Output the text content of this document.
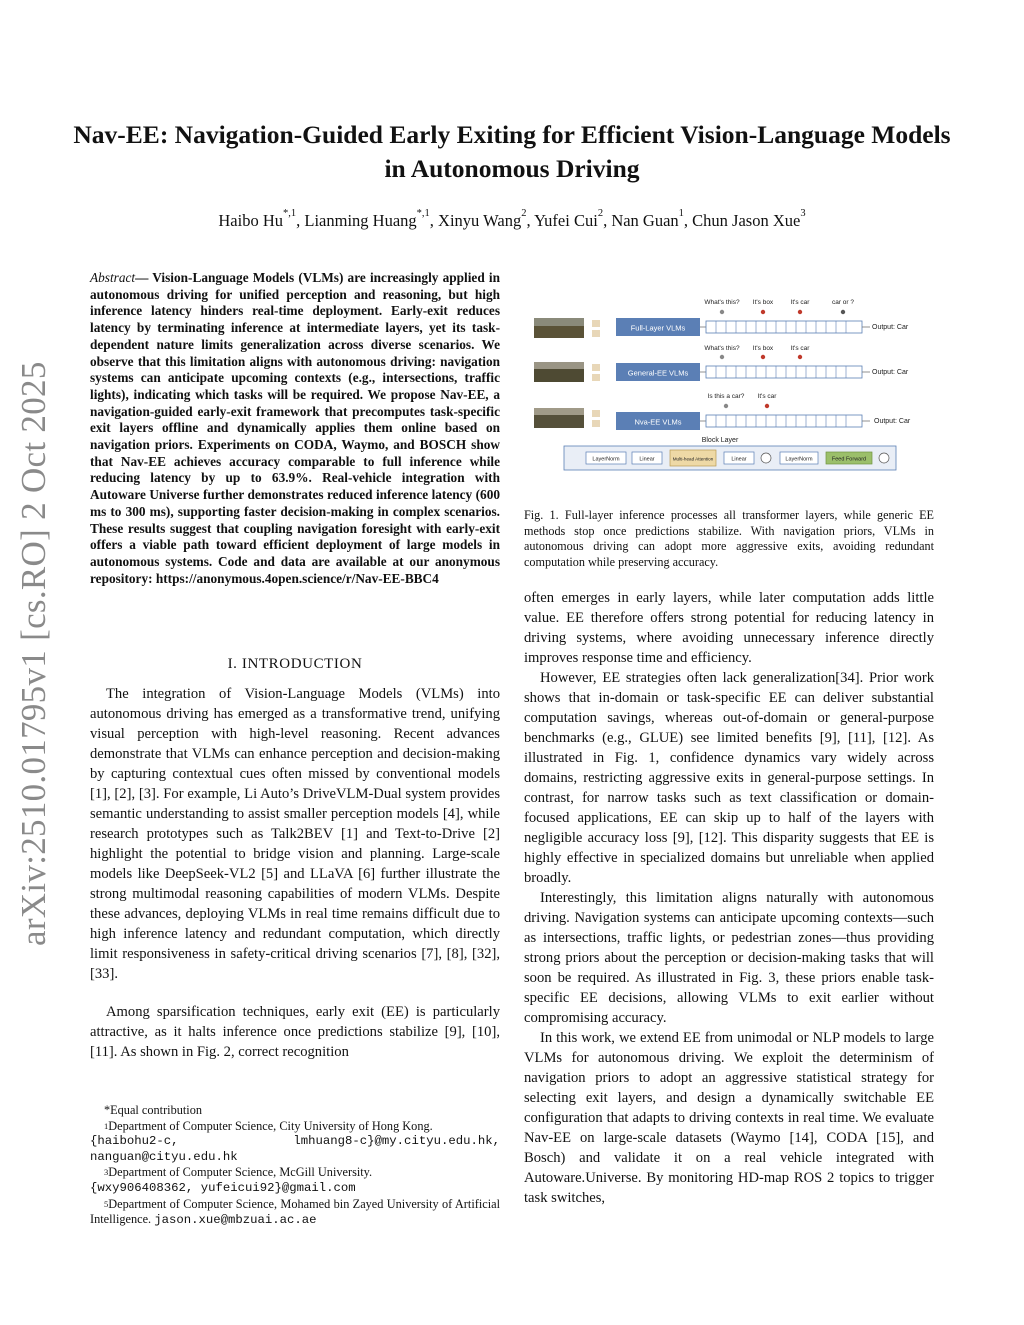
Nav-EE: Navigation-Guided Early Exiting for Efficient Vision-Language Models in Autonomous Driving
Haibo $Hu^{*,1}$, Lianming Huang$^{*,1}$, Xinyu Wang$^2$, Yufei Cui$^2$, Nan Guan$^1$, Chun Jason Xue$^3$
arXiv:2510.01795v1 [cs.RO] 2 Oct 2025
Abstract— Vision-Language Models (VLMs) are increasingly applied in autonomous driving for unified perception and reasoning, but high inference latency hinders real-time deployment. Early-exit reduces latency by terminating inference at intermediate layers, yet its task-dependent nature limits generalization across diverse scenarios. We observe that this limitation aligns with autonomous driving: navigation systems can anticipate upcoming contexts (e.g., intersections, traffic lights), indicating which tasks will be required. We propose Nav-EE, a navigation-guided early-exit framework that precomputes task-specific exit layers offline and dynamically applies them online based on navigation priors. Experiments on CODA, Waymo, and BOSCH show that Nav-EE achieves accuracy comparable to full inference while reducing latency by up to 63.9%. Real-vehicle integration with Autoware Universe further demonstrates reduced inference latency (600 ms to 300 ms), supporting faster decision-making in complex scenarios. These results suggest that coupling navigation foresight with early-exit offers a viable path toward efficient deployment of large models in autonomous systems. Code and data are available at our anonymous repository: https://anonymous.4open.science/r/Nav-EE-BBC4
I. INTRODUCTION

The integration of Vision-Language Models (VLMs) into autonomous driving has emerged as a transformative trend, unifying visual perception with high-level reasoning. Recent advances demonstrate that VLMs can enhance perception and decision-making by capturing contextual cues often missed by conventional models [1], [2], [3]. For example, Li Auto’s DriveVLM-Dual system provides semantic understanding to assist smaller perception models [4], while research prototypes such as Talk2BEV [1] and Text-to-Drive [2] highlight the potential to bridge vision and planning. Large-scale models like DeepSeek-VL2 [5] and LLaVA [6] further illustrate the strong multimodal reasoning capabilities of modern VLMs. Despite these advances, deploying VLMs in real time remains difficult due to high inference latency and redundant computation, which directly limit responsiveness in safety-critical driving scenarios [7], [8], [32], [33].

Among sparsification techniques, early exit (EE) is particularly attractive, as it halts inference once predictions stabilize [9], [10], [11]. As shown in Fig. 2, correct recognition

*Equal contribution
$^1$Department of Computer Science, City University of Hong Kong.
{haibohu2-c, lmhuang8-c}@my.cityu.edu.hk, nanguan@cityu.edu.hk
$^3$Department of Computer Science, McGill University.
{wxy906408362, yufeicui92}@gmail.com
$^5$Department of Computer Science, Mohamed bin Zayed University of Artificial Intelligence. jason.xue@mbzuai.ac.ae
Full-Layer VLMs
What's this? It's box	It's car	car or ?
Output: Car
General-EE VLMs
What's this? It's box	It's car
Output: Car
Nva-EE VLMs
Is this a car? It's car
Output: Car
Block Layer
LayerNorm	Linear	Multi-head Attention	Linear	LayerNorm	Feed Forward
Fig. 1. Full-layer inference processes all transformer layers, while generic EE methods stop once predictions stabilize. With navigation priors, VLMs in autonomous driving can adopt more aggressive exits, avoiding redundant computation while preserving accuracy.

often emerges in early layers, while later computation adds little value. EE therefore offers strong potential for reducing latency in driving systems, where avoiding unnecessary inference directly improves response time and efficiency.

However, EE strategies often lack generalization[34]. Prior work shows that in-domain or task-specific EE can deliver substantial computation savings, whereas out-of-domain or general-purpose benchmarks (e.g., GLUE) see limited benefits [9], [11], [12]. As illustrated in Fig. 1, confidence dynamics vary widely across domains, restricting aggressive exits in general-purpose settings. In contrast, for narrow tasks such as text classification or domain-focused applications, EE can skip up to half of the layers with negligible accuracy loss [9], [12]. This disparity suggests that EE is highly effective in specialized domains but unreliable when applied broadly.

Interestingly, this limitation aligns naturally with autonomous driving. Navigation systems can anticipate upcoming contexts—such as intersections, traffic lights, or pedestrian zones—thus providing strong priors about the perception or decision-making tasks that will soon be required. As illustrated in Fig. 3, these priors enable task-specific EE decisions, allowing VLMs to exit earlier without compromising accuracy.

In this work, we extend EE from unimodal or NLP models to large VLMs for autonomous driving. We exploit the determinism of navigation priors to adopt an aggressive statistical strategy for selecting exit layers, and design a dynamically switchable EE configuration that adapts to driving contexts in real time. We evaluate Nav-EE on large-scale datasets (Waymo [14], CODA [15], and Bosch) and validate it on a real vehicle integrated with Autoware.Universe. By monitoring HD-map ROS 2 topics to trigger task switches,
